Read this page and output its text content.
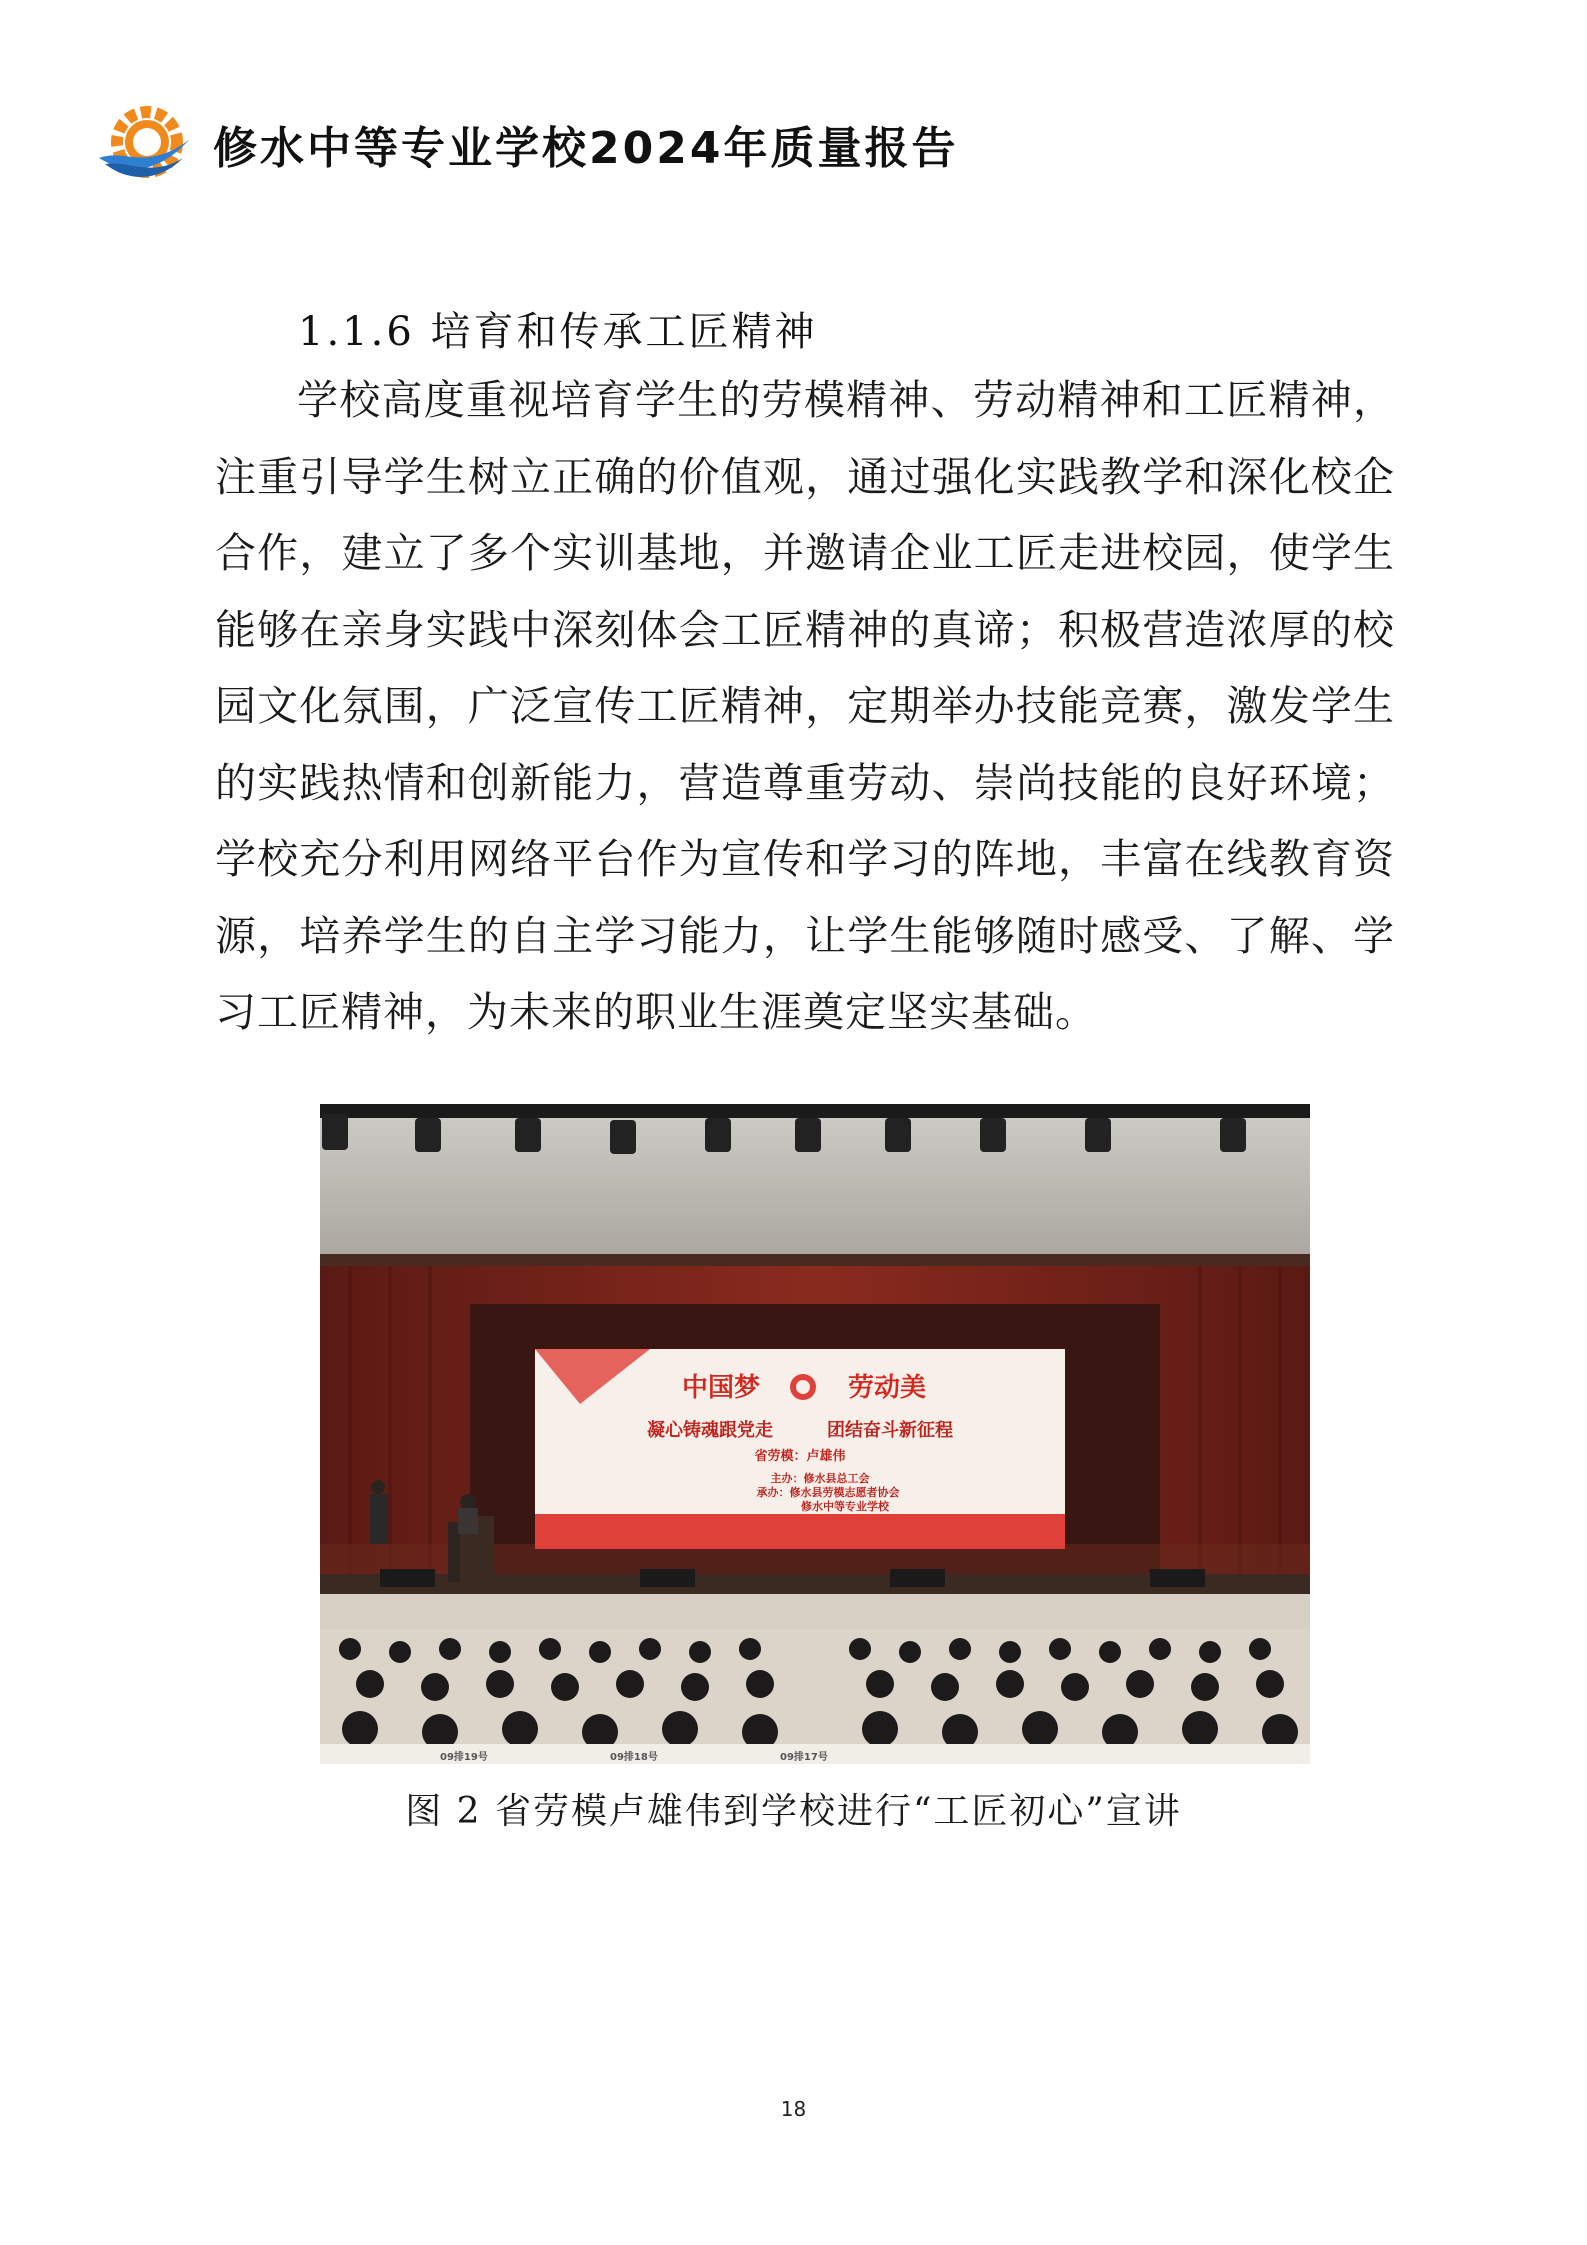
修水中等专业学校2024年质量报告
1.1.6 培育和传承工匠精神

学校高度重视培育学生的劳模精神、劳动精神和工匠精神，注重引导学生树立正确的价值观，通过强化实践教学和深化校企合作，建立了多个实训基地，并邀请企业工匠走进校园，使学生能够在亲身实践中深刻体会工匠精神的真谛；积极营造浓厚的校园文化氛围，广泛宣传工匠精神，定期举办技能竞赛，激发学生的实践热情和创新能力，营造尊重劳动、崇尚技能的良好环境；学校充分利用网络平台作为宣传和学习的阵地，丰富在线教育资源，培养学生的自主学习能力，让学生能够随时感受、了解、学习工匠精神，为未来的职业生涯奠定坚实基础。

中国梦	劳动美
凝心铸魂跟党走	团结奋斗新征程
省劳模：卢雄伟
主办：修水县总工会
承办：修水县劳模志愿者协会
修水中等专业学校
09排19号	09排18号	09排17号
图 2 省劳模卢雄伟到学校进行“工匠初心”宣讲
18
